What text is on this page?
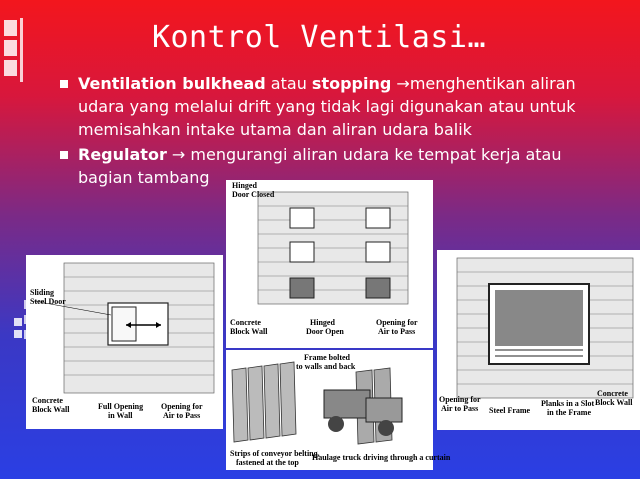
Kontrol Ventilasi…
Ventilation bulkhead atau stopping →menghentikan aliran udara yang melalui drift yang tidak lagi digunakan atau untuk memisahkan intake utama dan aliran udara balik
Regulator → mengurangi aliran udara ke tempat kerja atau bagian tambang
Sliding
Steel Door
Concrete
Block Wall	Full Opening
in Wall
Opening for
Air to Pass
Hinged
Door Closed
Concrete
Block Wall
Hinged
Door Open
Opening for
Air to Pass
Frame bolted
to walls and back
Strips of conveyor belting,
fastened at the top
Haulage truck driving through a curtain
Opening for
Air to Pass Steel Frame
Planks in a Slot
in the Frame
Concrete
Block Wall
